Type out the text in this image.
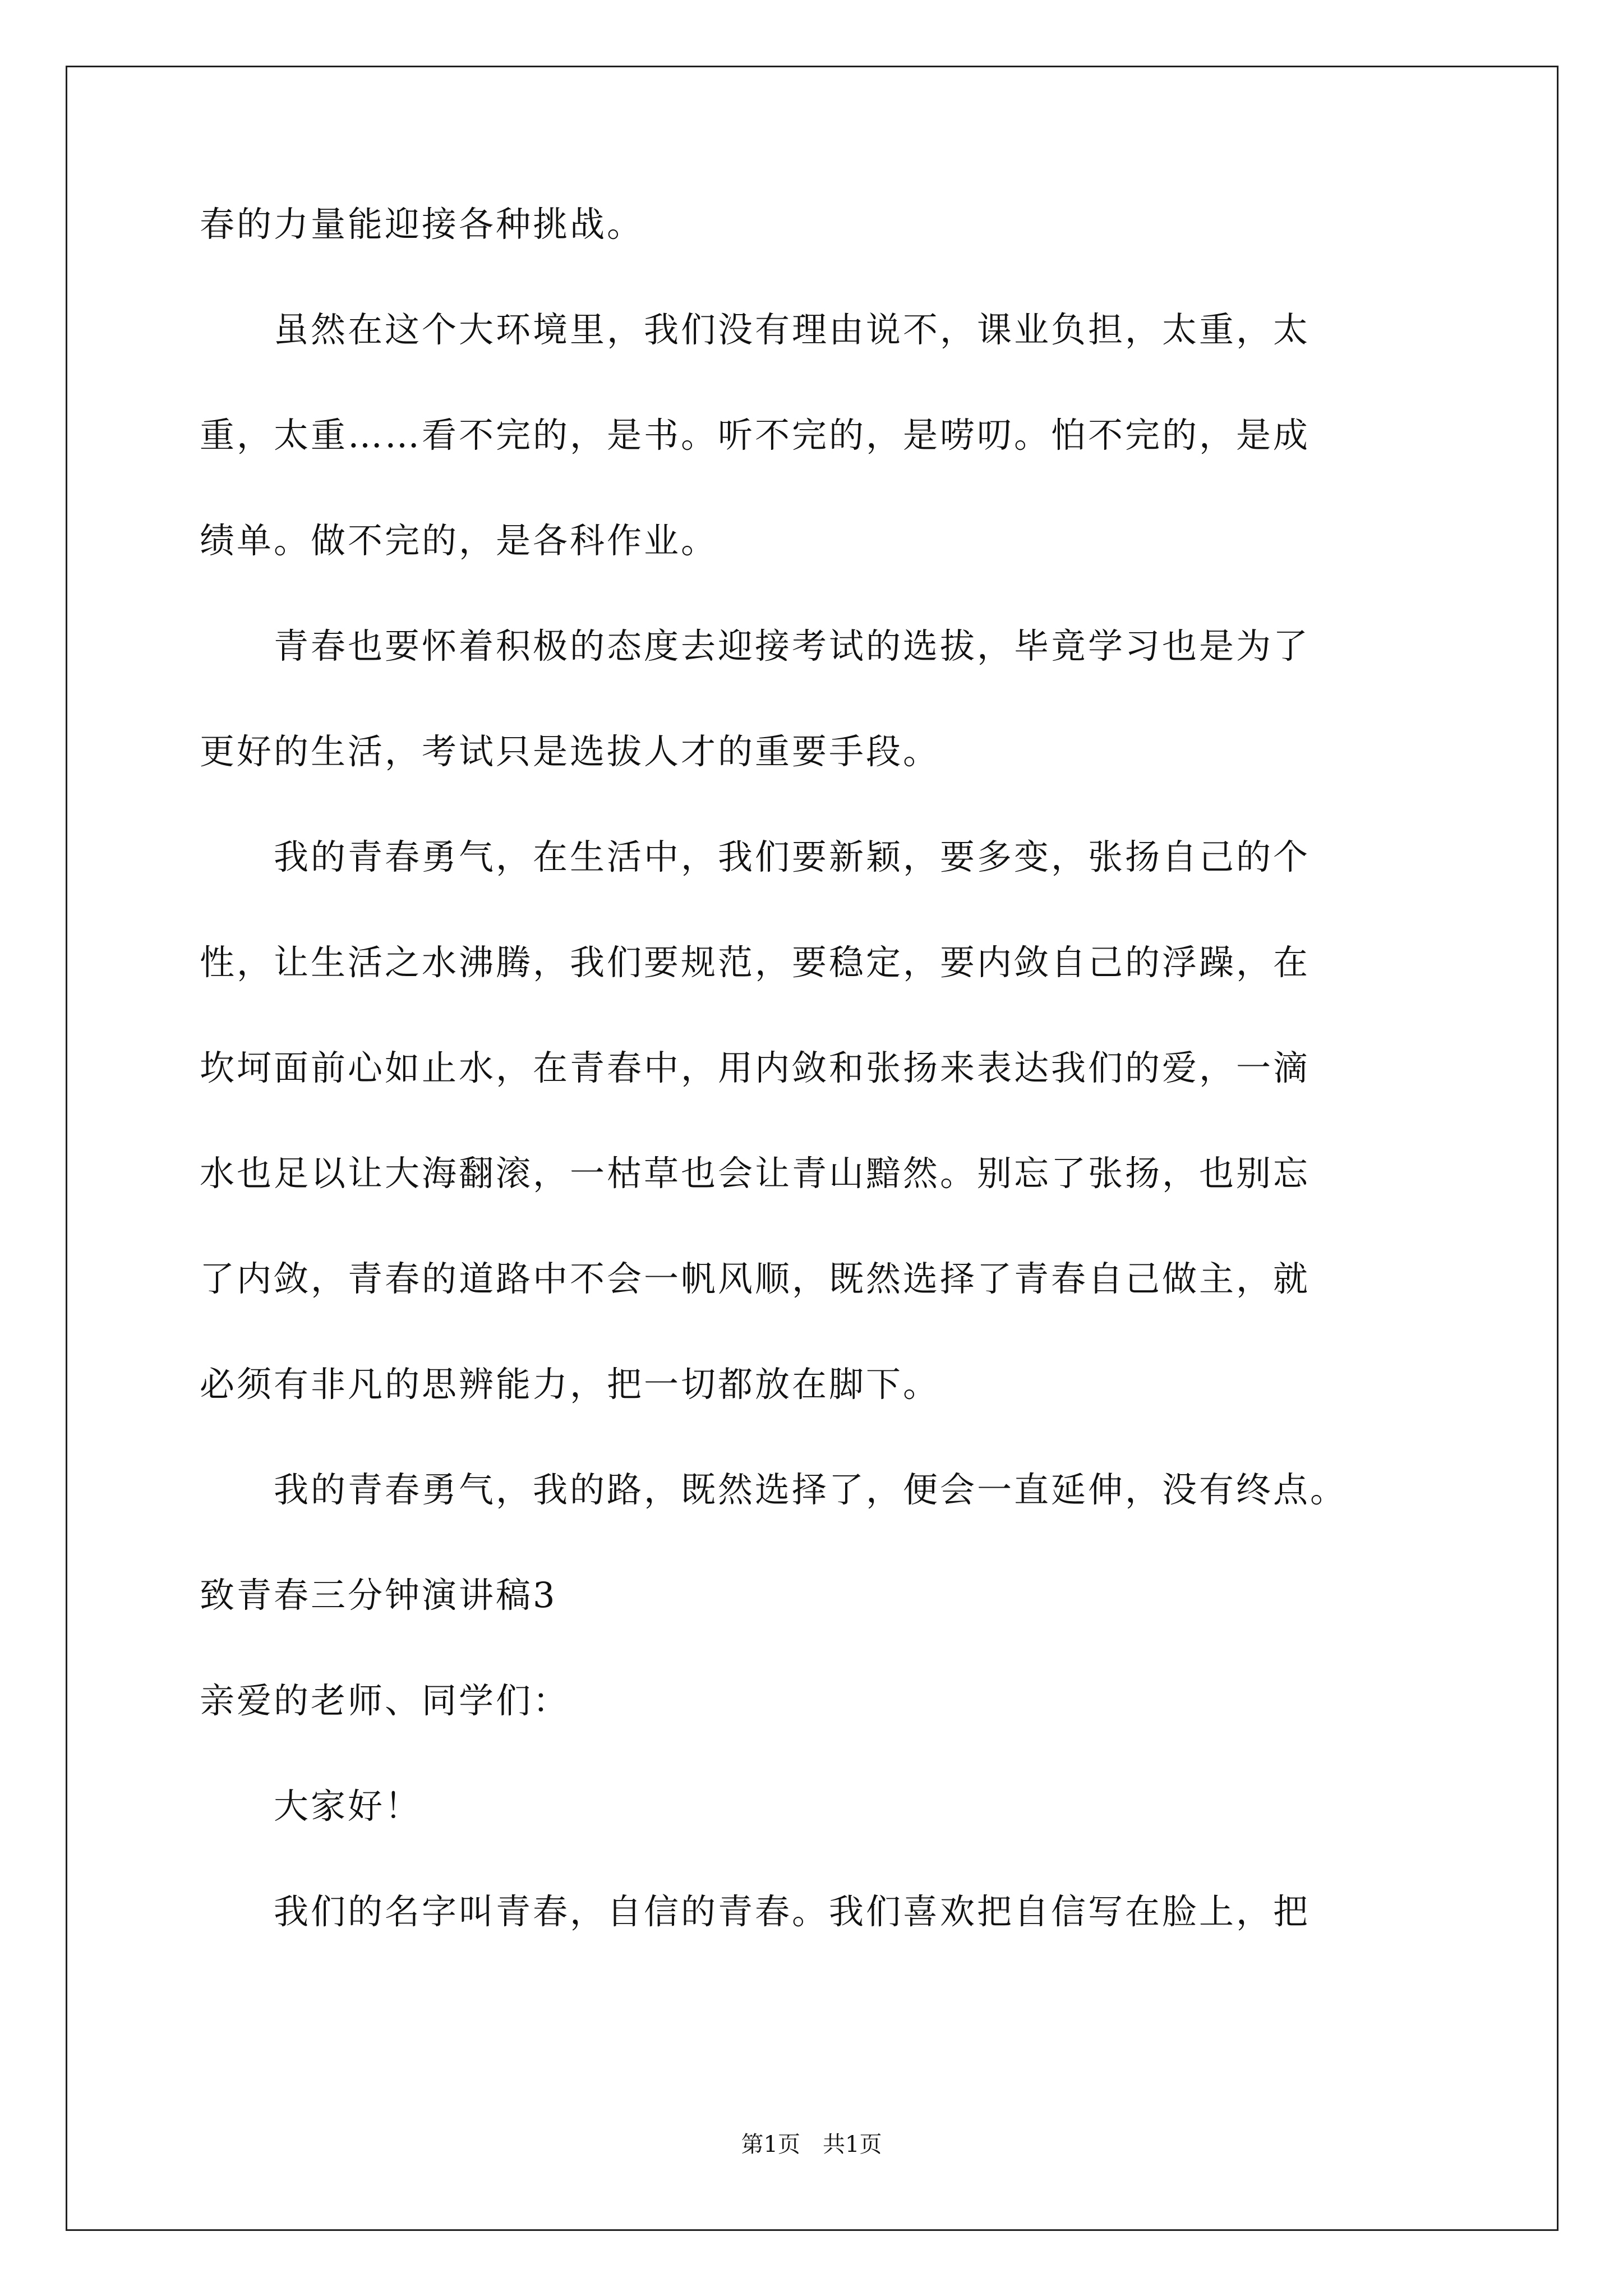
春的力量能迎接各种挑战。
　　虽然在这个大环境里，我们没有理由说不，课业负担，太重，太
重，太重……看不完的，是书。听不完的，是唠叨。怕不完的，是成
绩单。做不完的，是各科作业。
　　青春也要怀着积极的态度去迎接考试的选拔，毕竟学习也是为了
更好的生活，考试只是选拔人才的重要手段。
　　我的青春勇气，在生活中，我们要新颖，要多变，张扬自己的个
性，让生活之水沸腾，我们要规范，要稳定，要内敛自己的浮躁，在
坎坷面前心如止水，在青春中，用内敛和张扬来表达我们的爱，一滴
水也足以让大海翻滚，一枯草也会让青山黯然。别忘了张扬，也别忘
了内敛，青春的道路中不会一帆风顺，既然选择了青春自己做主，就
必须有非凡的思辨能力，把一切都放在脚下。
　　我的青春勇气，我的路，既然选择了，便会一直延伸，没有终点。
致青春三分钟演讲稿3
亲爱的老师、同学们：
　　大家好！
　　我们的名字叫青春，自信的青春。我们喜欢把自信写在脸上，把
第1页　共1页
